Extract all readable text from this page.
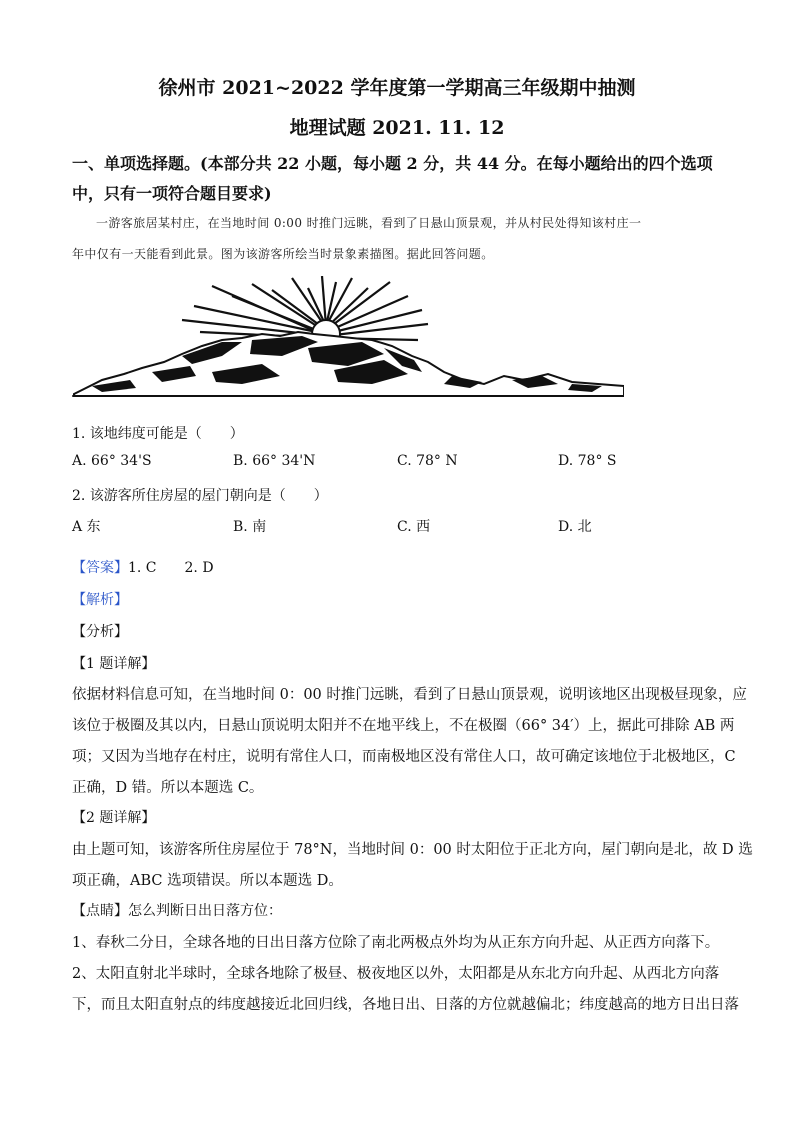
徐州市 2021~2022 学年度第一学期高三年级期中抽测
地理试题 2021. 11. 12
一、单项选择题。(本部分共 22 小题，每小题 2 分，共 44 分。在每小题给出的四个选项
中，只有一项符合题目要求)
一游客旅居某村庄，在当地时间 0:00 时推门远眺，看到了日悬山顶景观，并从村民处得知该村庄一
年中仅有一天能看到此景。图为该游客所绘当时景象素描图。据此回答问题。
1. 该地纬度可能是（　　）
A. 66° 34'S	B. 66° 34'N	C. 78° N	D. 78° S
2. 该游客所住房屋的屋门朝向是（　　）
A 东	B. 南	C. 西	D. 北
【答案】1. C　　2. D
【解析】
【分析】
【1 题详解】
依据材料信息可知，在当地时间 0：00 时推门远眺，看到了日悬山顶景观，说明该地区出现极昼现象，应
该位于极圈及其以内，日悬山顶说明太阳并不在地平线上，不在极圈（66° 34′）上，据此可排除 AB 两
项；又因为当地存在村庄，说明有常住人口，而南极地区没有常住人口，故可确定该地位于北极地区，C
正确，D 错。所以本题选 C。
【2 题详解】
由上题可知，该游客所住房屋位于 78°N，当地时间 0：00 时太阳位于正北方向，屋门朝向是北，故 D 选
项正确，ABC 选项错误。所以本题选 D。
【点睛】怎么判断日出日落方位：
1、春秋二分日，全球各地的日出日落方位除了南北两极点外均为从正东方向升起、从正西方向落下。
2、太阳直射北半球时，全球各地除了极昼、极夜地区以外，太阳都是从东北方向升起、从西北方向落
下，而且太阳直射点的纬度越接近北回归线，各地日出、日落的方位就越偏北；纬度越高的地方日出日落
